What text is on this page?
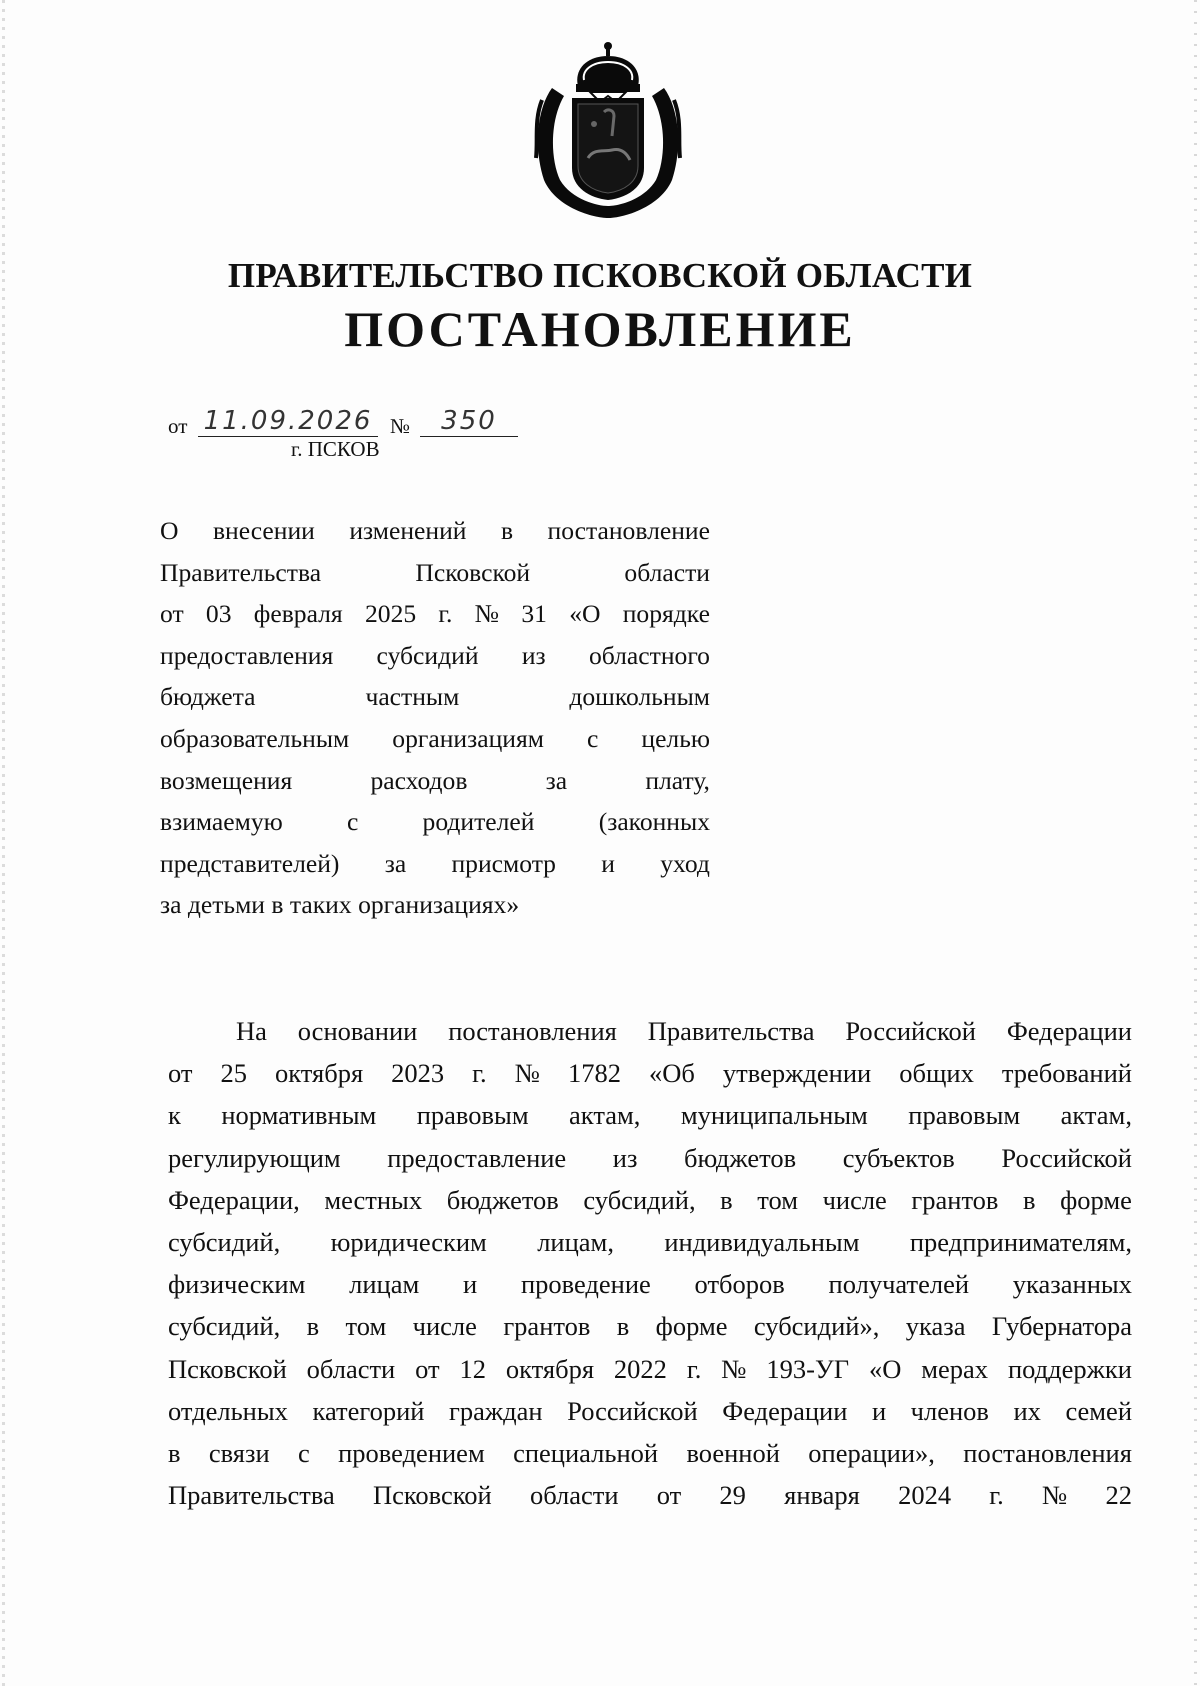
ПРАВИТЕЛЬСТВО ПСКОВСКОЙ ОБЛАСТИ
ПОСТАНОВЛЕНИЕ
от 11.09.2026 №	350
г. ПСКОВ
О внесении изменений в постановление
Правительства	Псковской	области
от 03 февраля 2025 г. № 31 «О порядке
предоставления субсидий из областного
бюджета	частным	дошкольным
образовательным организациям с целью
возмещения	расходов	за	плату,
взимаемую	с	родителей	(законных
представителей) за присмотр и уход
за детьми в таких организациях»
На основании постановления Правительства Российской Федерации
от 25 октября 2023 г. № 1782 «Об утверждении общих требований
к нормативным правовым актам, муниципальным правовым актам,
регулирующим предоставление из бюджетов субъектов Российской
Федерации, местных бюджетов субсидий, в том числе грантов в форме
субсидий, юридическим лицам, индивидуальным предпринимателям,
физическим лицам и проведение отборов получателей указанных
субсидий, в том числе грантов в форме субсидий», указа Губернатора
Псковской области от 12 октября 2022 г. № 193-УГ «О мерах поддержки
отдельных категорий граждан Российской Федерации и членов их семей
в связи с проведением специальной военной операции», постановления
Правительства Псковской области от 29 января 2024 г. № 22
